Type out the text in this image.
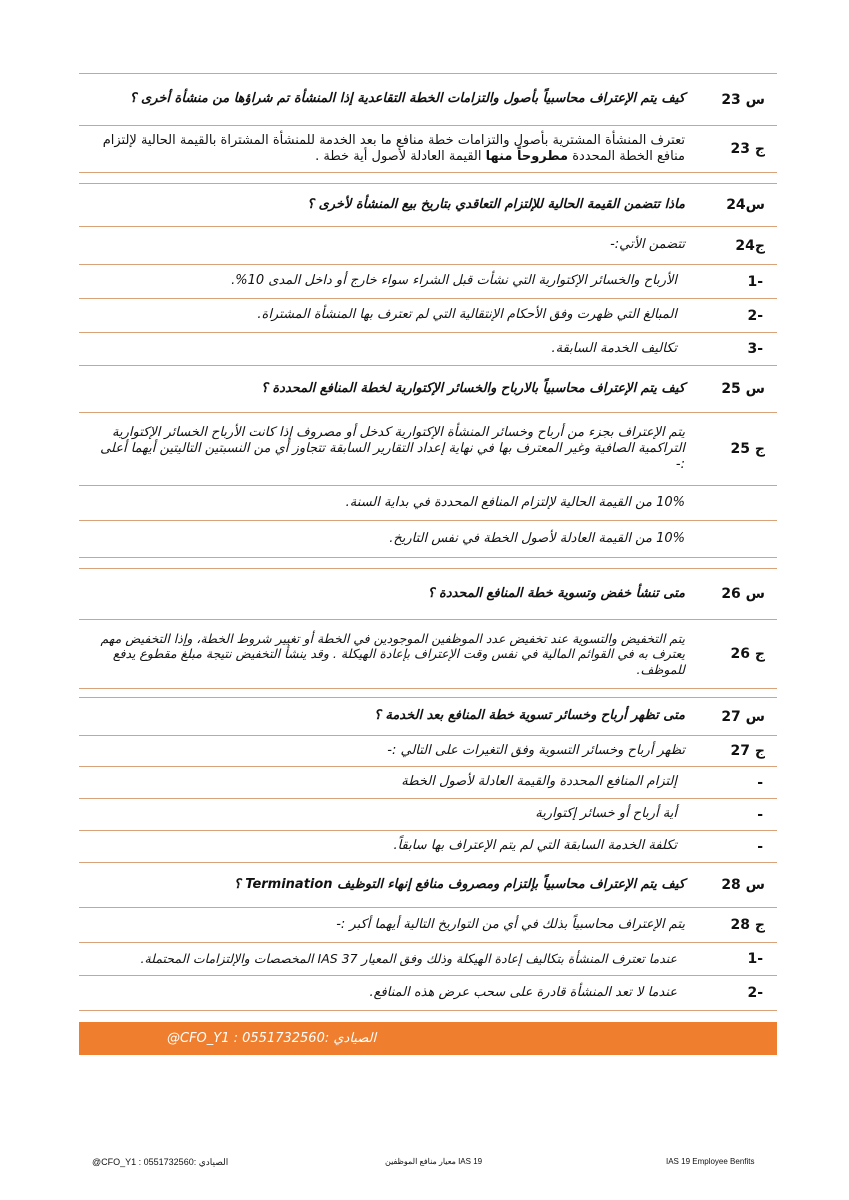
س 23
كيف يتم الإعتراف محاسبياً بأصول والتزامات الخطة التقاعدية إذا المنشأة تم شراؤها من منشأة أخرى ؟
ج 23
تعترف المنشأة المشترية بأصول والتزامات خطة منافع ما بعد الخدمة للمنشأة المشتراة بالقيمة الحالية لإلتزام منافع الخطة المحددة مطروحاً منها القيمة العادلة لأصول أية خطة .
س24
ماذا تتضمن القيمة الحالية للإلتزام التعاقدي بتاريخ بيع المنشأة لأخرى ؟
ج24
تتضمن الأتي:-
-1
الأرباح والخسائر الإكتوارية التي نشأت قبل الشراء سواء خارج أو داخل المدى 10%.
-2
المبالغ التي ظهرت وفق الأحكام الإنتقالية التي لم تعترف بها المنشأة المشتراة.
-3
تكاليف الخدمة السابقة.
س 25
كيف يتم الإعتراف محاسبياً بالارباح والخسائر الإكتوارية لخطة المنافع المحددة ؟
ج 25
يتم الإعتراف بجزء من أرباح وخسائر المنشأة الإكتوارية كدخل أو مصروف إذا كانت الأرباح الخسائر الإكتوارية التراكمية الصافية وغير المعترف بها في نهاية إعداد التقارير السابقة تتجاوز أي من النسبتين التاليتين أيهما أعلى :-
10% من القيمة الحالية لإلتزام المنافع المحددة في بداية السنة.
10% من القيمة العادلة لأصول الخطة في نفس التاريخ.
س 26
متى تنشأ خفض وتسوية خطة المنافع المحددة ؟
ج 26
يتم التخفيض والتسوية عند تخفيض عدد الموظفين الموجودين في الخطة أو تغيير شروط الخطة، وإذا التخفيض مهم يعترف به في القوائم المالية في نفس وقت الإعتراف بإعادة الهيكلة . وقد ينشأ التخفيض نتيجة مبلغ مقطوع يدفع للموظف.
س 27
متى تظهر أرباح وخسائر تسوية خطة المنافع بعد الخدمة ؟
ج 27
تظهر أرباح وخسائر التسوية وفق التغيرات على التالي :-
-
إلتزام المنافع المحددة والقيمة العادلة لأصول الخطة
-
أية أرباح أو خسائر إكتوارية
-
تكلفة الخدمة السابقة التي لم يتم الإعتراف بها سابقاً.
س 28
كيف يتم الإعتراف محاسبياً بإلتزام ومصروف منافع إنهاء التوظيف Termination ؟
ج 28
يتم الإعتراف محاسبياً بذلك في أي من التواريخ التالية أيهما أكبر :-
-1
عندما تعترف المنشأة بتكاليف إعادة الهيكلة وذلك وفق المعيار IAS 37 المخصصات والإلتزامات المحتملة.
-2
عندما لا تعد المنشأة قادرة على سحب عرض هذه المنافع.
@CFO_Y1 : 0551732560: الصيادي
@CFO_Y1 : 0551732560: الصيادي	معيار منافع الموظفين IAS 19	IAS 19 Employee Benfits
